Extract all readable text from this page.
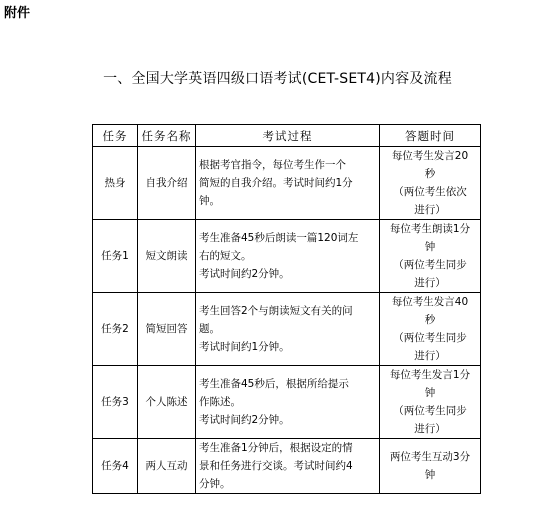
附件
一、全国大学英语四级口语考试(CET-SET4)内容及流程
任务	任务名称	考试过程	答题时间
热身	自我介绍	根据考官指令，每位考生作一个
简短的自我介绍。考试时间约1分
钟。	每位考生发言20
秒
（两位考生依次
进行）

任务1	短文朗读	考生准备45秒后朗读一篇120词左
右的短文。
考试时间约2分钟。	每位考生朗读1分
钟
（两位考生同步
进行）

任务2	简短回答	考生回答2个与朗读短文有关的问
题。
考试时间约1分钟。	每位考生发言40
秒
（两位考生同步
进行）

任务3	个人陈述	考生准备45秒后，根据所给提示
作陈述。
考试时间约2分钟。	每位考生发言1分
钟
（两位考生同步
进行）

任务4	两人互动	考生准备1分钟后，根据设定的情
景和任务进行交谈。考试时间约4
分钟。	两位考生互动3分
钟
